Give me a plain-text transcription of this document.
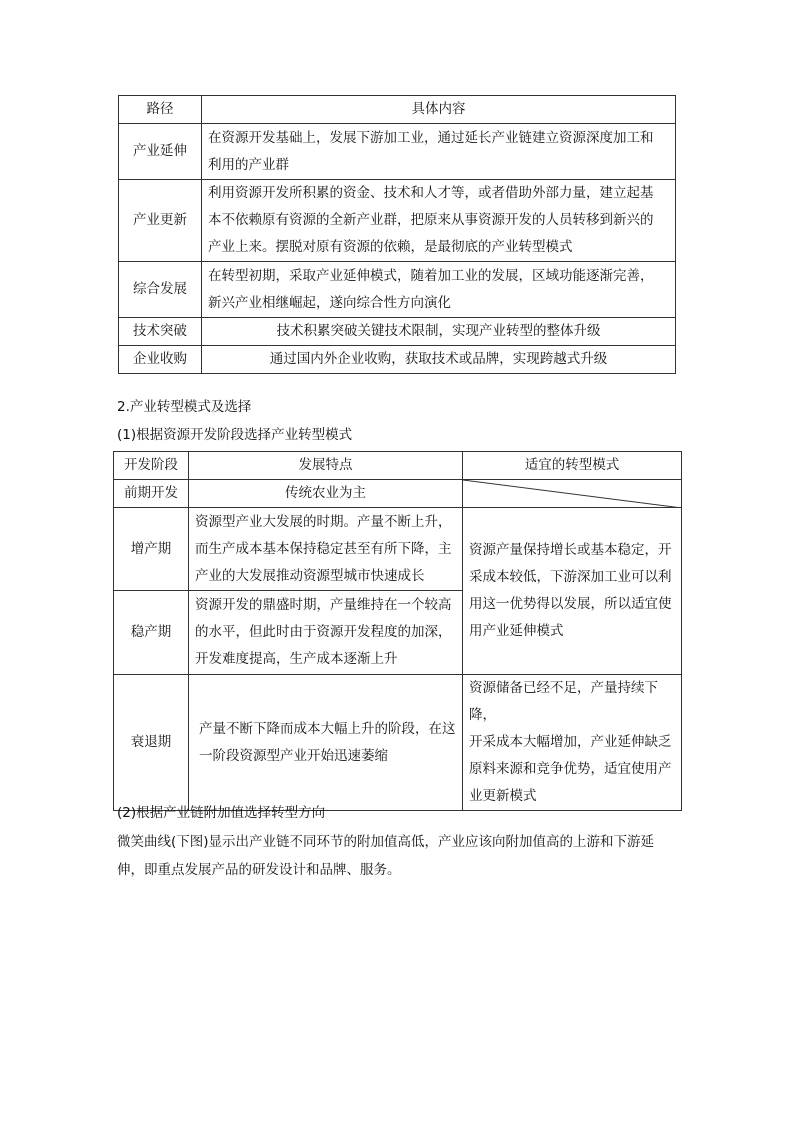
路径	具体内容
产业延伸	在资源开发基础上，发展下游加工业，通过延长产业链建立资源深度加工和
利用的产业群
产业更新	利用资源开发所积累的资金、技术和人才等，或者借助外部力量，建立起基
本不依赖原有资源的全新产业群，把原来从事资源开发的人员转移到新兴的
产业上来。摆脱对原有资源的依赖，是最彻底的产业转型模式
综合发展	在转型初期，采取产业延伸模式，随着加工业的发展，区域功能逐渐完善，
新兴产业相继崛起，遂向综合性方向演化
技术突破	技术积累突破关键技术限制，实现产业转型的整体升级
企业收购	通过国内外企业收购，获取技术或品牌，实现跨越式升级

2.产业转型模式及选择

(1)根据资源开发阶段选择产业转型模式

开发阶段	发展特点	适宜的转型模式
前期开发	传统农业为主	

增产期	资源型产业大发展的时期。产量不断上升，
而生产成本基本保持稳定甚至有所下降，主
产业的大发展推动资源型城市快速成长	资源产量保持增长或基本稳定，开
采成本较低，下游深加工业可以利
用这一优势得以发展，所以适宜使
用产业延伸模式
稳产期	资源开发的鼎盛时期，产量维持在一个较高
的水平，但此时由于资源开发程度的加深，
开发难度提高，生产成本逐渐上升	
衰退期	产量不断下降而成本大幅上升的阶段，在这
一阶段资源型产业开始迅速萎缩	资源储备已经不足，产量持续下降，
开采成本大幅增加，产业延伸缺乏
原料来源和竞争优势，适宜使用产
业更新模式

(2)根据产业链附加值选择转型方向

微笑曲线(下图)显示出产业链不同环节的附加值高低，产业应该向附加值高的上游和下游延
伸，即重点发展产品的研发设计和品牌、服务。
